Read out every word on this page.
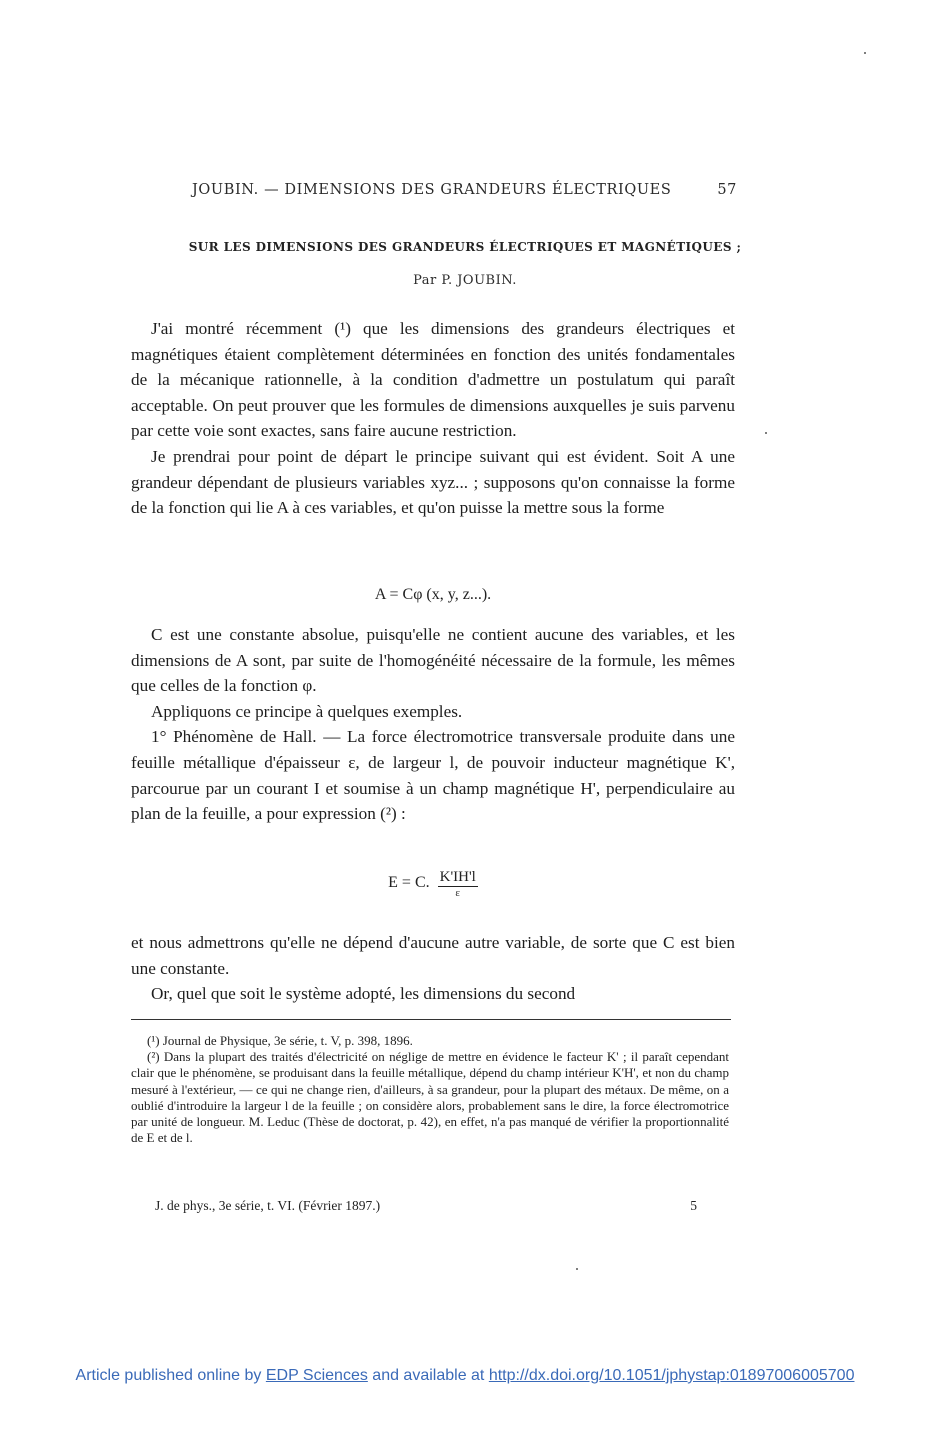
JOUBIN. — DIMENSIONS DES GRANDEURS ÉLECTRIQUES	57
SUR LES DIMENSIONS DES GRANDEURS ÉLECTRIQUES ET MAGNÉTIQUES ;
Par P. JOUBIN.

J'ai montré récemment (¹) que les dimensions des grandeurs électriques et magnétiques étaient complètement déterminées en fonction des unités fondamentales de la mécanique rationnelle, à la condition d'admettre un postulatum qui paraît acceptable. On peut prouver que les formules de dimensions auxquelles je suis parvenu par cette voie sont exactes, sans faire aucune restriction.

Je prendrai pour point de départ le principe suivant qui est évident. Soit A une grandeur dépendant de plusieurs variables xyz... ; supposons qu'on connaisse la forme de la fonction qui lie A à ces variables, et qu'on puisse la mettre sous la forme

A = Cφ (x, y, z...).

C est une constante absolue, puisqu'elle ne contient aucune des variables, et les dimensions de A sont, par suite de l'homogénéité nécessaire de la formule, les mêmes que celles de la fonction φ.

Appliquons ce principe à quelques exemples.

1° Phénomène de Hall. — La force électromotrice transversale produite dans une feuille métallique d'épaisseur ε, de largeur l, de pouvoir inducteur magnétique K', parcourue par un courant I et soumise à un champ magnétique H', perpendiculaire au plan de la feuille, a pour expression (²) :

E = C. $\frac{K'IH'l}{\varepsilon}$

et nous admettrons qu'elle ne dépend d'aucune autre variable, de sorte que C est bien une constante.

Or, quel que soit le système adopté, les dimensions du second

(¹) Journal de Physique, 3e série, t. V, p. 398, 1896.

(²) Dans la plupart des traités d'électricité on néglige de mettre en évidence le facteur K' ; il paraît cependant clair que le phénomène, se produisant dans la feuille métallique, dépend du champ intérieur K'H', et non du champ mesuré à l'extérieur, — ce qui ne change rien, d'ailleurs, à sa grandeur, pour la plupart des métaux. De même, on a oublié d'introduire la largeur l de la feuille ; on considère alors, probablement sans le dire, la force électromotrice par unité de longueur. M. Leduc (Thèse de doctorat, p. 42), en effet, n'a pas manqué de vérifier la proportionnalité de E et de l.

J. de phys., 3e série, t. VI. (Février 1897.)	5
Article published online by EDP Sciences and available at http://dx.doi.org/10.1051/jphystap:01897006005700
